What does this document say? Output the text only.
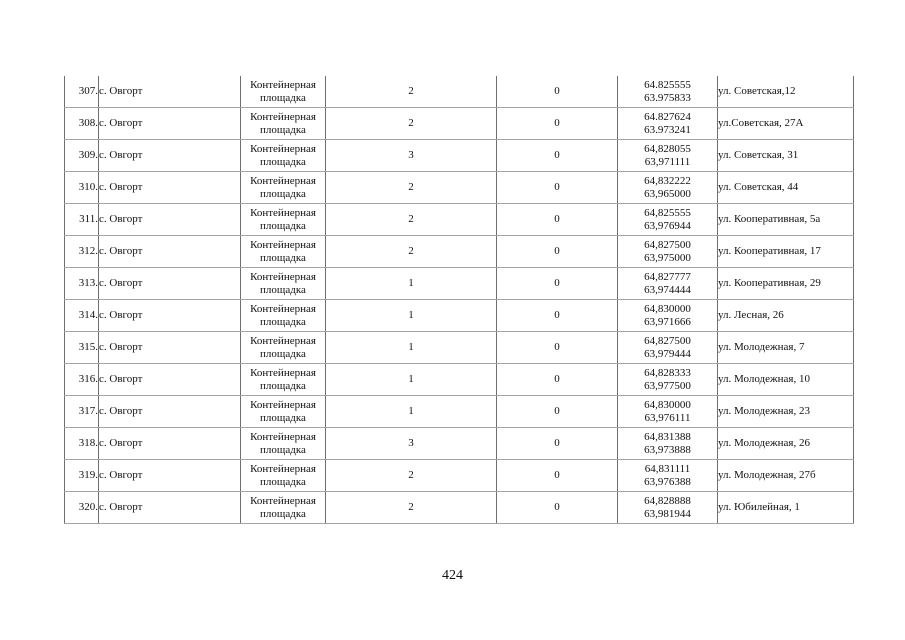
307.	с. Овгорт	Контейнерная
площадка	2	0	64.825555
63.975833	ул. Советская,12
308.	с. Овгорт	Контейнерная
площадка	2	0	64.827624
63.973241	ул.Советская, 27А
309.	с. Овгорт	Контейнерная
площадка	3	0	64,828055
63,971111	ул. Советская, 31
310.	с. Овгорт	Контейнерная
площадка	2	0	64,832222
63,965000	ул. Советская, 44
311.	с. Овгорт	Контейнерная
площадка	2	0	64,825555
63,976944	ул. Кооперативная, 5а
312.	с. Овгорт	Контейнерная
площадка	2	0	64,827500
63,975000	ул. Кооперативная, 17
313.	с. Овгорт	Контейнерная
площадка	1	0	64,827777
63,974444	ул. Кооперативная, 29
314.	с. Овгорт	Контейнерная
площадка	1	0	64,830000
63,971666	ул. Лесная, 26
315.	с. Овгорт	Контейнерная
площадка	1	0	64,827500
63,979444	ул. Молодежная, 7
316.	с. Овгорт	Контейнерная
площадка	1	0	64,828333
63,977500	ул. Молодежная, 10
317.	с. Овгорт	Контейнерная
площадка	1	0	64,830000
63,976111	ул. Молодежная, 23
318.	с. Овгорт	Контейнерная
площадка	3	0	64,831388
63,973888	ул. Молодежная, 26
319.	с. Овгорт	Контейнерная
площадка	2	0	64,831111
63,976388	ул. Молодежная, 27б
320.	с. Овгорт	Контейнерная
площадка	2	0	64,828888
63,981944	ул. Юбилейная, 1
424
